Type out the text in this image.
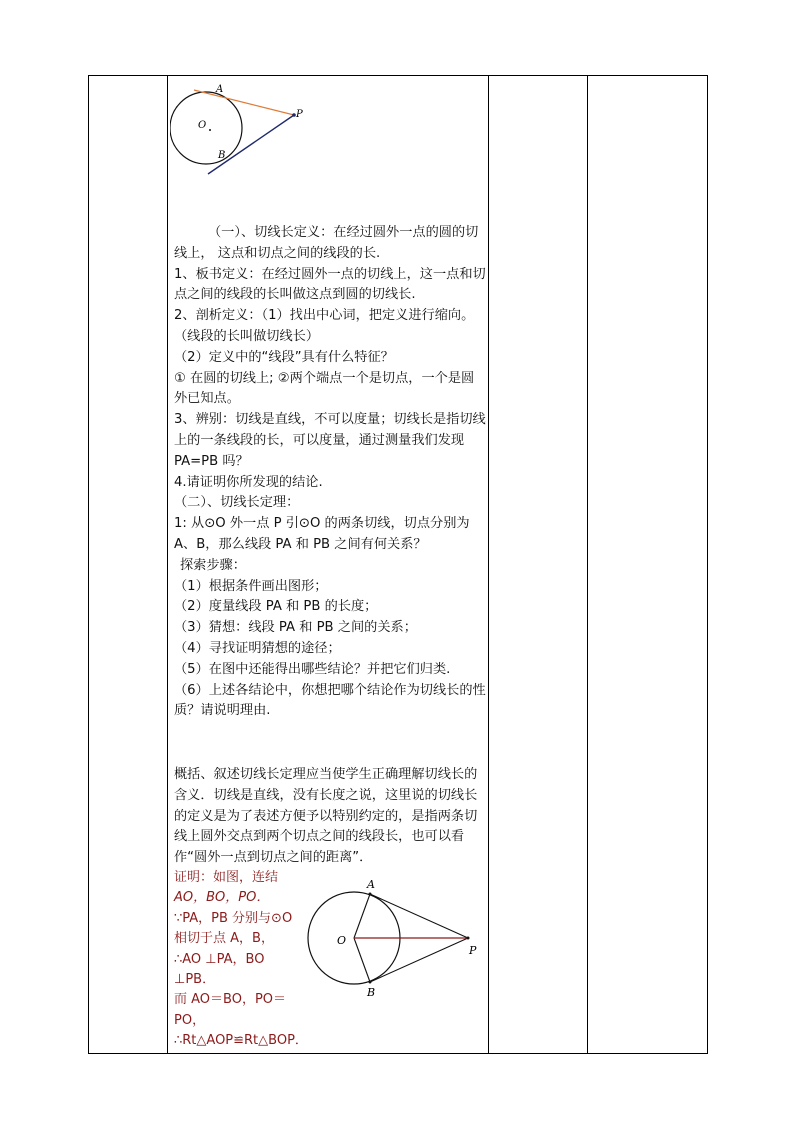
A
O
B
P

（一）、切线长定义：在经过圆外一点的圆的切线上， 这点和切点之间的线段的长.

1、板书定义：在经过圆外一点的切线上，这一点和切点之间的线段的长叫做这点到圆的切线长.

2、剖析定义：（1）找出中心词，把定义进行缩向。（线段的长叫做切线长）

（2）定义中的“线段”具有什么特征？

① 在圆的切线上; ②两个端点一个是切点，一个是圆外已知点。

3、辨别：切线是直线，不可以度量；切线长是指切线上的一条线段的长，可以度量，通过测量我们发现 PA=PB 吗？

4.请证明你所发现的结论.

（二）、切线长定理：

1: 从⊙O 外一点 P 引⊙O 的两条切线，切点分别为 A、B，那么线段 PA 和 PB 之间有何关系？

探索步骤：

（1）根据条件画出图形；

（2）度量线段 PA 和 PB 的长度；

（3）猜想：线段 PA 和 PB 之间的关系；

（4）寻找证明猜想的途径；

（5）在图中还能得出哪些结论？并把它们归类.

（6）上述各结论中，你想把哪个结论作为切线长的性质？请说明理由.

概括、叙述切线长定理应当使学生正确理解切线长的含义．切线是直线，没有长度之说，这里说的切线长的定义是为了表述方便予以特别约定的，是指两条切线上圆外交点到两个切点之间的线段长，也可以看作“圆外一点到切点之间的距离”．

证明：如图，连结

AO，BO，PO．

∵PA，PB 分别与⊙O 相切于点 A，B，

∴AO ⊥PA，BO ⊥PB．

而 AO＝BO，PO＝PO，

∴Rt△AOP≌Rt△BOP．

A
O
B
P
